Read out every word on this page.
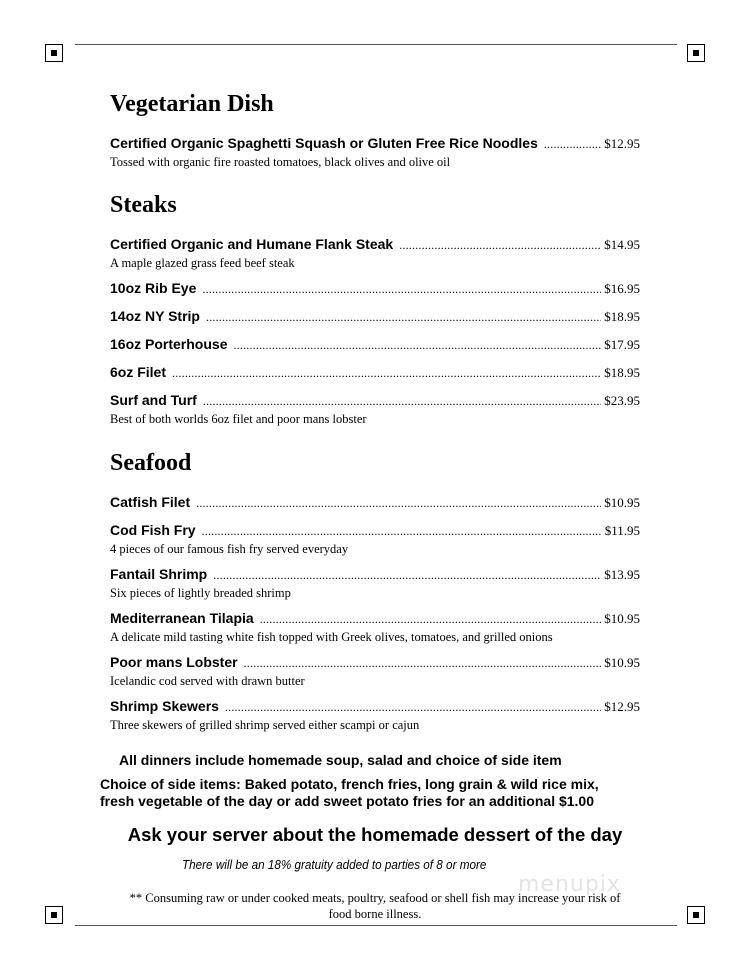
Vegetarian Dish
Certified Organic Spaghetti Squash or Gluten Free Rice Noodles .....	$12.95
Tossed with organic fire roasted tomatoes, black olives and olive oil
Steaks
Certified Organic and Humane Flank Steak .....	$14.95
A maple glazed grass feed beef steak
10oz Rib Eye .....	$16.95
14oz NY Strip .....	$18.95
16oz Porterhouse .....	$17.95
6oz Filet .....	$18.95
Surf and Turf .....	$23.95
Best of both worlds 6oz filet and poor mans lobster
Seafood
Catfish Filet .....	$10.95
Cod Fish Fry .....	$11.95
4 pieces of our famous fish fry served everyday
Fantail Shrimp .....	$13.95
Six pieces of lightly breaded shrimp
Mediterranean Tilapia .....	$10.95
A delicate mild tasting white fish topped with Greek olives, tomatoes, and grilled onions
Poor mans Lobster .....	$10.95
Icelandic cod served with drawn butter
Shrimp Skewers .....	$12.95
Three skewers of grilled shrimp served either scampi or cajun

All dinners include homemade soup, salad and choice of side item

Choice of side items: Baked potato, french fries, long grain & wild rice mix,

fresh vegetable of the day or add sweet potato fries for an additional $1.00

Ask your server about the homemade dessert of the day

There will be an 18% gratuity added to parties of 8 or more

menupix
** Consuming raw or under cooked meats, poultry, seafood or shell fish may increase your risk of
food borne illness.
